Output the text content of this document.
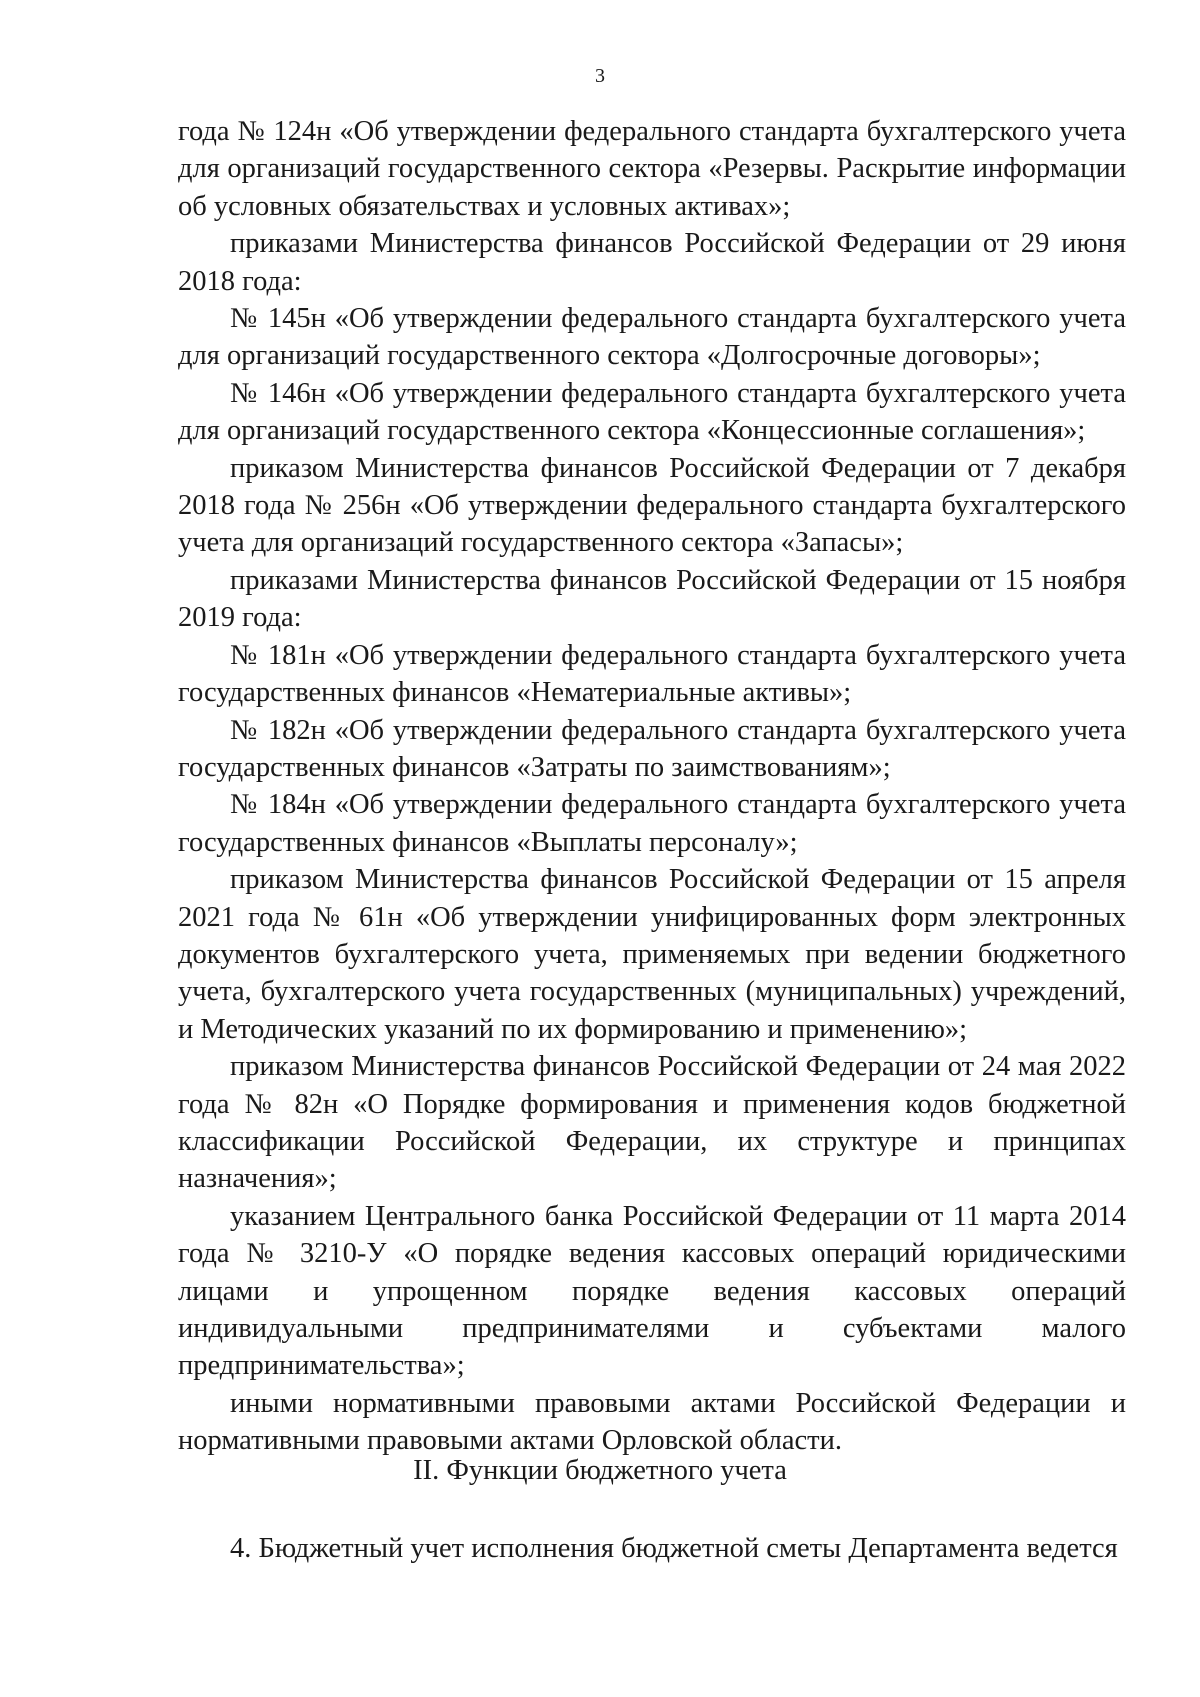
3

года № 124н «Об утверждении федерального стандарта бухгалтерского учета для организаций государственного сектора «Резервы. Раскрытие информации об условных обязательствах и условных активах»;

приказами Министерства финансов Российской Федерации от 29 июня 2018 года:

№ 145н «Об утверждении федерального стандарта бухгалтерского учета для организаций государственного сектора «Долгосрочные договоры»;

№ 146н «Об утверждении федерального стандарта бухгалтерского учета для организаций государственного сектора «Концессионные соглашения»;

приказом Министерства финансов Российской Федерации от 7 декабря 2018 года № 256н «Об утверждении федерального стандарта бухгалтерского учета для организаций государственного сектора «Запасы»;

приказами Министерства финансов Российской Федерации от 15 ноября 2019 года:

№ 181н «Об утверждении федерального стандарта бухгалтерского учета государственных финансов «Нематериальные активы»;

№ 182н «Об утверждении федерального стандарта бухгалтерского учета государственных финансов «Затраты по заимствованиям»;

№ 184н «Об утверждении федерального стандарта бухгалтерского учета государственных финансов «Выплаты персоналу»;

приказом Министерства финансов Российской Федерации от 15 апреля 2021 года № 61н «Об утверждении унифицированных форм электронных документов бухгалтерского учета, применяемых при ведении бюджетного учета, бухгалтерского учета государственных (муниципальных) учреждений, и Методических указаний по их формированию и применению»;

приказом Министерства финансов Российской Федерации от 24 мая 2022 года № 82н «О Порядке формирования и применения кодов бюджетной классификации Российской Федерации, их структуре и принципах назначения»;

указанием Центрального банка Российской Федерации от 11 марта 2014 года № 3210-У «О порядке ведения кассовых операций юридическими лицами и упрощенном порядке ведения кассовых операций индивидуальными предпринимателями и субъектами малого предпринимательства»;

иными нормативными правовыми актами Российской Федерации и нормативными правовыми актами Орловской области.

II. Функции бюджетного учета
4. Бюджетный учет исполнения бюджетной сметы Департамента ведется
